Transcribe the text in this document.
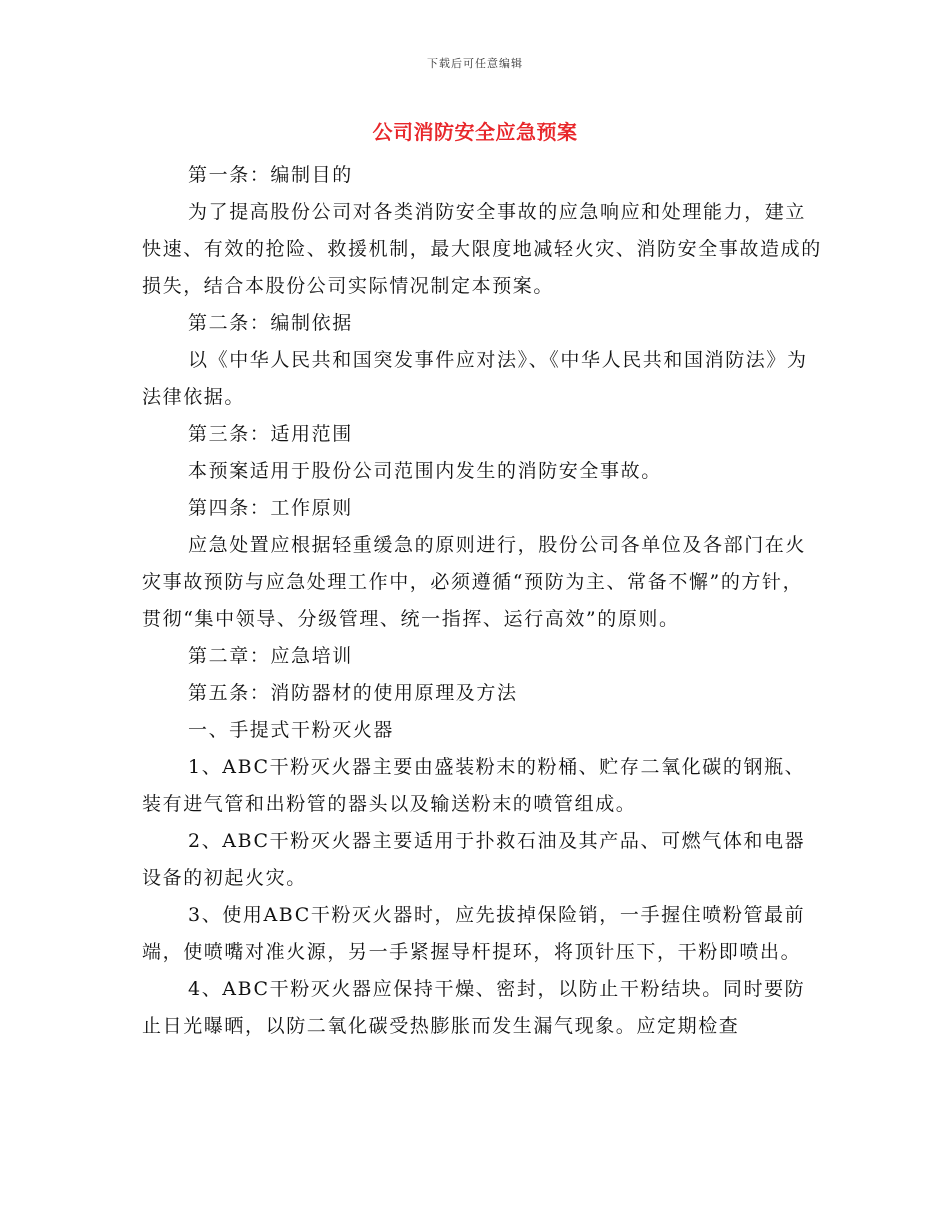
下载后可任意编辑
公司消防安全应急预案

第一条：编制目的

为了提高股份公司对各类消防安全事故的应急响应和处理能力，建立快速、有效的抢险、救援机制，最大限度地减轻火灾、消防安全事故造成的损失，结合本股份公司实际情况制定本预案。

第二条：编制依据

以《中华人民共和国突发事件应对法》、《中华人民共和国消防法》为法律依据。

第三条：适用范围

本预案适用于股份公司范围内发生的消防安全事故。

第四条：工作原则

应急处置应根据轻重缓急的原则进行，股份公司各单位及各部门在火灾事故预防与应急处理工作中，必须遵循“预防为主、常备不懈”的方针，贯彻“集中领导、分级管理、统一指挥、运行高效”的原则。

第二章：应急培训

第五条：消防器材的使用原理及方法

一、手提式干粉灭火器

1、ABC干粉灭火器主要由盛装粉末的粉桶、贮存二氧化碳的钢瓶、装有进气管和出粉管的器头以及输送粉末的喷管组成。

2、ABC干粉灭火器主要适用于扑救石油及其产品、可燃气体和电器设备的初起火灾。

3、使用ABC干粉灭火器时，应先拔掉保险销，一手握住喷粉管最前端，使喷嘴对准火源，另一手紧握导杆提环，将顶针压下，干粉即喷出。

4、ABC干粉灭火器应保持干燥、密封，以防止干粉结块。同时要防止日光曝晒，以防二氧化碳受热膨胀而发生漏气现象。应定期检查
